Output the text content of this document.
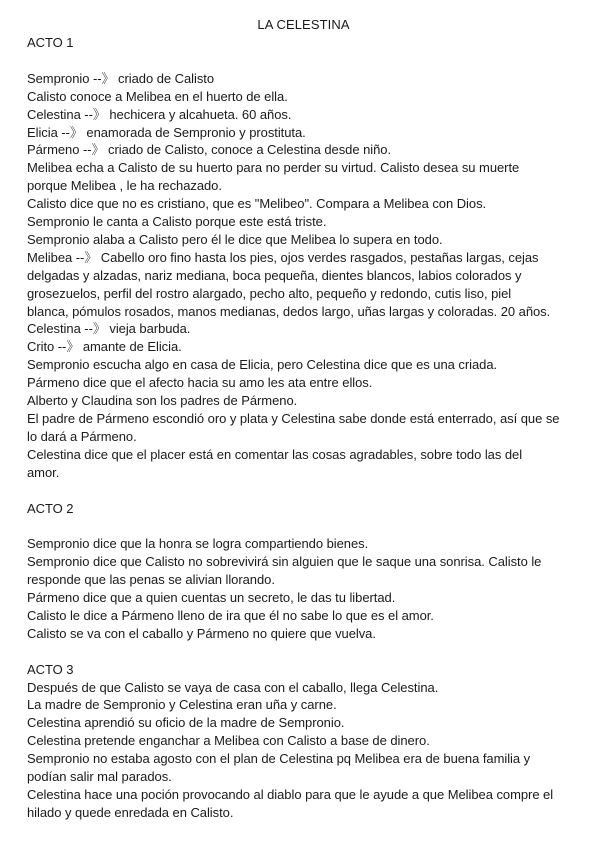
LA CELESTINA
ACTO 1
Sempronio --》 criado de Calisto
Calisto conoce a Melibea en el huerto de ella.
Celestina --》 hechicera y alcahueta. 60 años.
Elicia --》 enamorada de Sempronio y prostituta.
Pármeno --》 criado de Calisto, conoce a Celestina desde niño.
Melibea echa a Calisto de su huerto para no perder su virtud. Calisto desea su muerte
porque Melibea , le ha rechazado.
Calisto dice que no es cristiano, que es "Melibeo". Compara a Melibea con Dios.
Sempronio le canta a Calisto porque este está triste.
Sempronio alaba a Calisto pero él le dice que Melibea lo supera en todo.
Melibea --》 Cabello oro fino hasta los pies, ojos verdes rasgados, pestañas largas, cejas
delgadas y alzadas, nariz mediana, boca pequeña, dientes blancos, labios colorados y
grosezuelos, perfil del rostro alargado, pecho alto, pequeño y redondo, cutis liso, piel
blanca, pómulos rosados, manos medianas, dedos largo, uñas largas y coloradas. 20 años.
Celestina --》 vieja barbuda.
Crito --》 amante de Elicia.
Sempronio escucha algo en casa de Elicia, pero Celestina dice que es una criada.
Pármeno dice que el afecto hacia su amo les ata entre ellos.
Alberto y Claudina son los padres de Pármeno.
El padre de Pármeno escondió oro y plata y Celestina sabe donde está enterrado, así que se
lo dará a Pármeno.
Celestina dice que el placer está en comentar las cosas agradables, sobre todo las del
amor.
ACTO 2
Sempronio dice que la honra se logra compartiendo bienes.
Sempronio dice que Calisto no sobrevivirá sin alguien que le saque una sonrisa. Calisto le
responde que las penas se alivian llorando.
Pármeno dice que a quien cuentas un secreto, le das tu libertad.
Calisto le dice a Pármeno lleno de ira que él no sabe lo que es el amor.
Calisto se va con el caballo y Pármeno no quiere que vuelva.
ACTO 3
Después de que Calisto se vaya de casa con el caballo, llega Celestina.
La madre de Sempronio y Celestina eran uña y carne.
Celestina aprendió su oficio de la madre de Sempronio.
Celestina pretende enganchar a Melibea con Calisto a base de dinero.
Sempronio no estaba agosto con el plan de Celestina pq Melibea era de buena familia y
podían salir mal parados.
Celestina hace una poción provocando al diablo para que le ayude a que Melibea compre el
hilado y quede enredada en Calisto.
